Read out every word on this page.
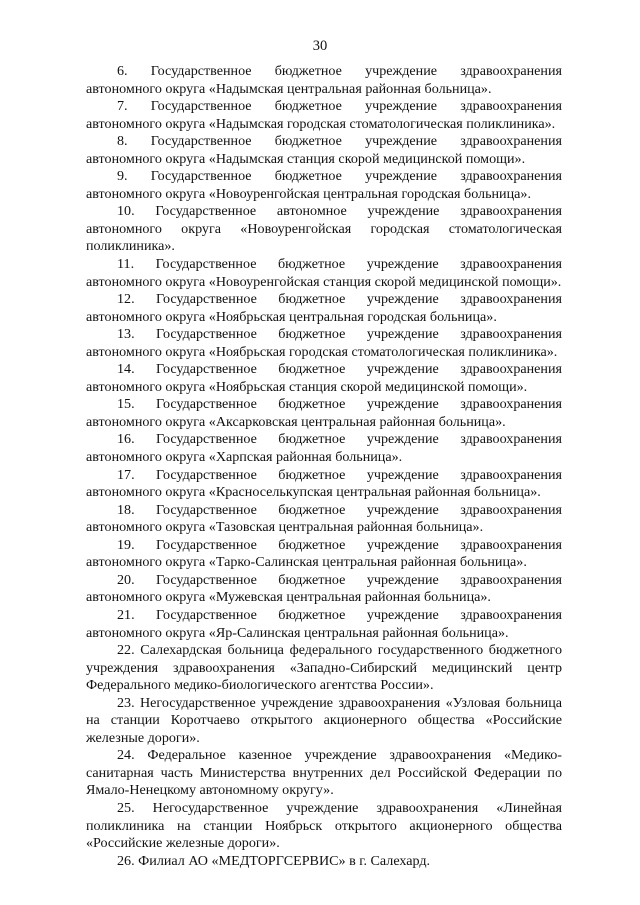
30

6. Государственное бюджетное учреждение здравоохранения автономного округа «Надымская центральная районная больница».

7. Государственное бюджетное учреждение здравоохранения автономного округа «Надымская городская стоматологическая поликлиника».

8. Государственное бюджетное учреждение здравоохранения автономного округа «Надымская станция скорой медицинской помощи».

9. Государственное бюджетное учреждение здравоохранения автономного округа «Новоуренгойская центральная городская больница».

10. Государственное автономное учреждение здравоохранения автономного округа «Новоуренгойская городская стоматологическая поликлиника».

11. Государственное бюджетное учреждение здравоохранения автономного округа «Новоуренгойская станция скорой медицинской помощи».

12. Государственное бюджетное учреждение здравоохранения автономного округа «Ноябрьская центральная городская больница».

13. Государственное бюджетное учреждение здравоохранения автономного округа «Ноябрьская городская стоматологическая поликлиника».

14. Государственное бюджетное учреждение здравоохранения автономного округа «Ноябрьская станция скорой медицинской помощи».

15. Государственное бюджетное учреждение здравоохранения автономного округа «Аксарковская центральная районная больница».

16. Государственное бюджетное учреждение здравоохранения автономного округа «Харпская районная больница».

17. Государственное бюджетное учреждение здравоохранения автономного округа «Красноселькупская центральная районная больница».

18. Государственное бюджетное учреждение здравоохранения автономного округа «Тазовская центральная районная больница».

19. Государственное бюджетное учреждение здравоохранения автономного округа «Тарко-Салинская центральная районная больница».

20. Государственное бюджетное учреждение здравоохранения автономного округа «Мужевская центральная районная больница».

21. Государственное бюджетное учреждение здравоохранения автономного округа «Яр-Салинская центральная районная больница».

22. Салехардская больница федерального государственного бюджетного учреждения здравоохранения «Западно-Сибирский медицинский центр Федерального медико-биологического агентства России».

23. Негосударственное учреждение здравоохранения «Узловая больница на станции Коротчаево открытого акционерного общества «Российские железные дороги».

24. Федеральное казенное учреждение здравоохранения «Медико-санитарная часть Министерства внутренних дел Российской Федерации по Ямало-Ненецкому автономному округу».

25. Негосударственное учреждение здравоохранения «Линейная поликлиника на станции Ноябрьск открытого акционерного общества «Российские железные дороги».

26. Филиал АО «МЕДТОРГСЕРВИС» в г. Салехард.
